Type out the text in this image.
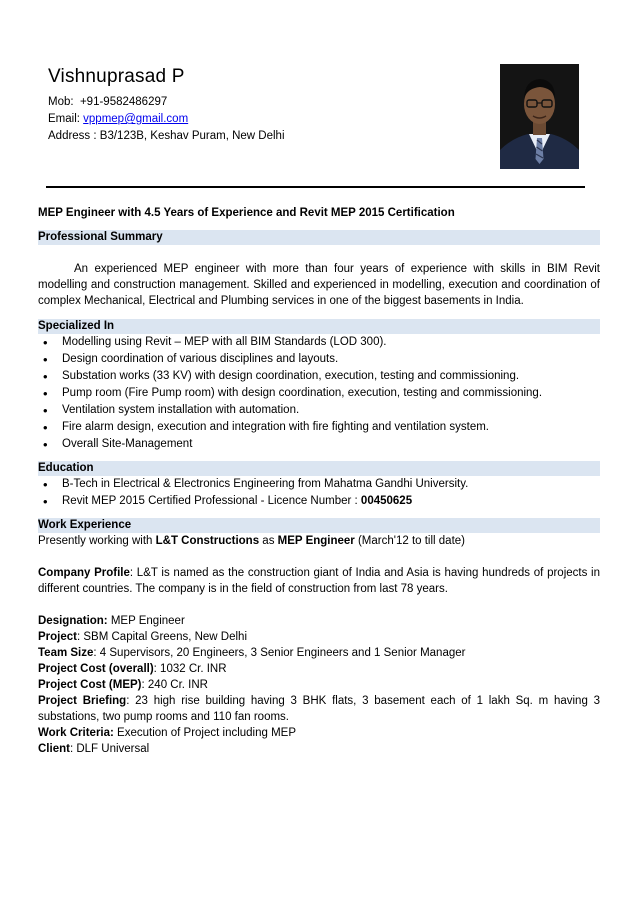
Vishnuprasad P
Mob: +91-9582486297
Email: vppmep@gmail.com
Address : B3/123B, Keshav Puram, New Delhi

MEP Engineer with 4.5 Years of Experience and Revit MEP 2015 Certification

Professional Summary

An experienced MEP engineer with more than four years of experience with skills in BIM Revit modelling and construction management. Skilled and experienced in modelling, execution and coordination of complex Mechanical, Electrical and Plumbing services in one of the biggest basements in India.

Specialized In
• Modelling using Revit – MEP with all BIM Standards (LOD 300).
• Design coordination of various disciplines and layouts.
• Substation works (33 KV) with design coordination, execution, testing and commissioning.
• Pump room (Fire Pump room) with design coordination, execution, testing and commissioning.
• Ventilation system installation with automation.
• Fire alarm design, execution and integration with fire fighting and ventilation system.
• Overall Site-Management
Education
• B-Tech in Electrical & Electronics Engineering from Mahatma Gandhi University.
• Revit MEP 2015 Certified Professional - Licence Number : 00450625
Work Experience

Presently working with L&T Constructions as MEP Engineer (March'12 to till date)

Company Profile: L&T is named as the construction giant of India and Asia is having hundreds of projects in different countries. The company is in the field of construction from last 78 years.

Designation: MEP Engineer

Project: SBM Capital Greens, New Delhi

Team Size: 4 Supervisors, 20 Engineers, 3 Senior Engineers and 1 Senior Manager

Project Cost (overall): 1032 Cr. INR

Project Cost (MEP): 240 Cr. INR

Project Briefing: 23 high rise building having 3 BHK flats, 3 basement each of 1 lakh Sq. m having 3 substations, two pump rooms and 110 fan rooms.

Work Criteria: Execution of Project including MEP

Client: DLF Universal
